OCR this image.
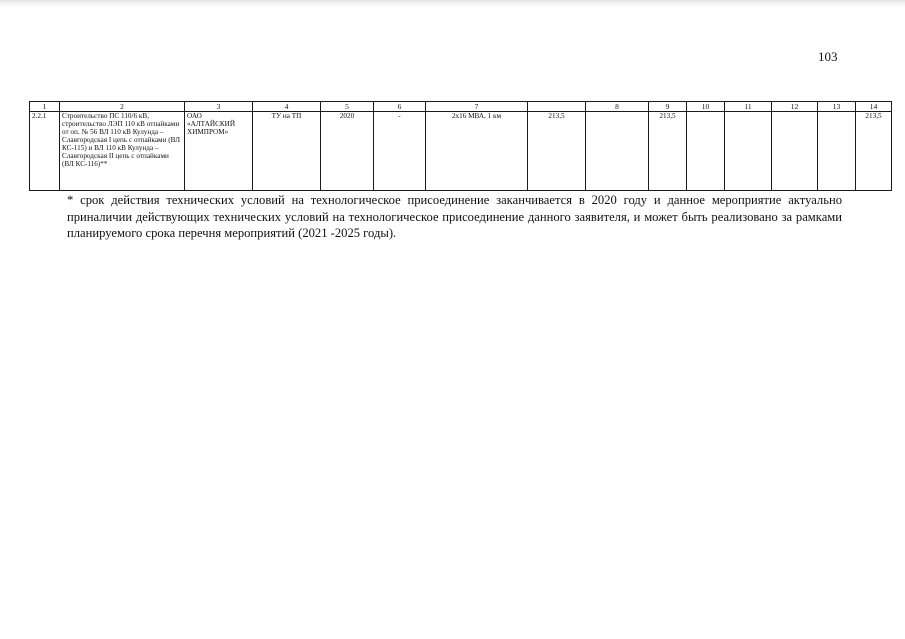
103
1	2	3	4	5	6	7		8	9	10	11	12	13	14
2.2.1	Строительство ПС 110/6 кВ, строительство ЛЭП 110 кВ отпайками от оп. № 56 ВЛ 110 кВ Кулунда – Славгородская I цепь с отпайками (ВЛ КС-115) и ВЛ 110 кВ Кулунда – Славгородская II цепь с отпайками (ВЛ КС-116)**	ОАО «АЛТАЙСКИЙ ХИМПРОМ»	ТУ на ТП	2020	-	2х16 МВА, 1 км	213,5		213,5					213,5
* срок действия технических условий на технологическое присоединение заканчивается в 2020 году и данное мероприятие актуально приналичии действующих технических условий на технологическое присоединение данного заявителя, и может быть реализовано за рамками планируемого срока перечня мероприятий (2021 -2025 годы).
